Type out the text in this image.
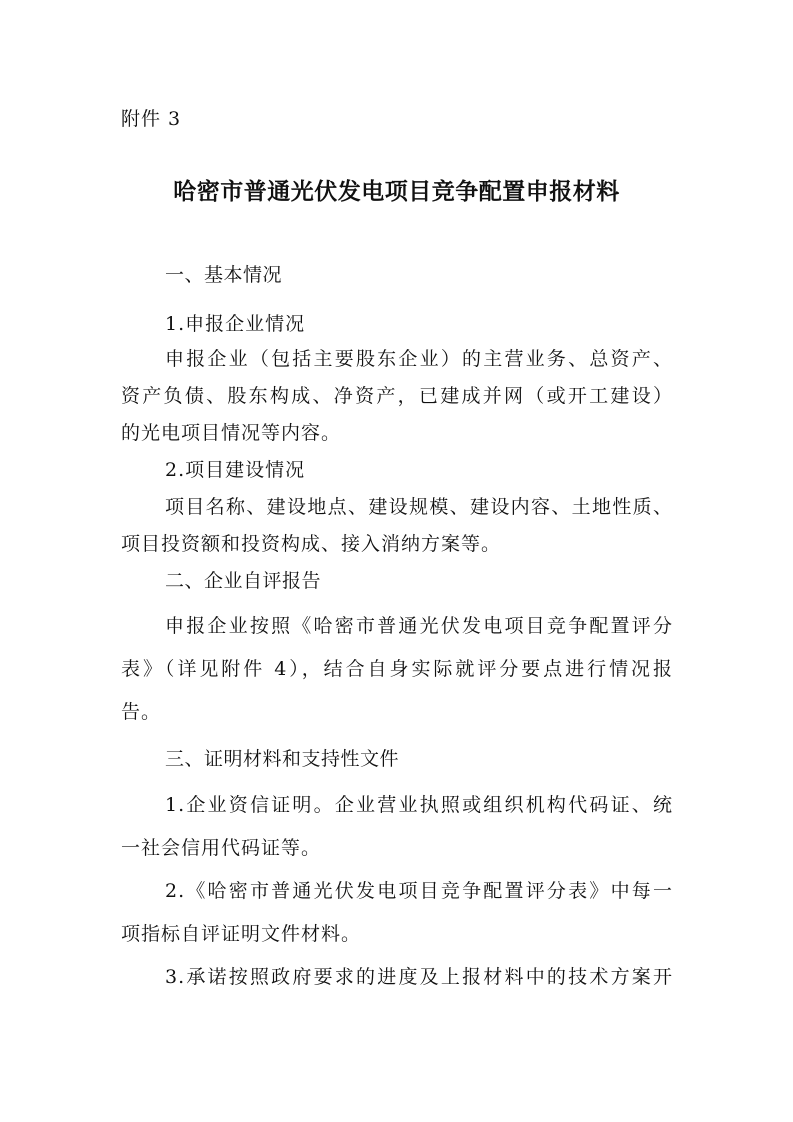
附件 3
哈密市普通光伏发电项目竞争配置申报材料
一、基本情况
1.申报企业情况
申报企业（包括主要股东企业）的主营业务、总资产、
资产负债、股东构成、净资产，已建成并网（或开工建设）
的光电项目情况等内容。
2.项目建设情况
项目名称、建设地点、建设规模、建设内容、土地性质、
项目投资额和投资构成、接入消纳方案等。
二、企业自评报告
申报企业按照《哈密市普通光伏发电项目竞争配置评分
表》（详见附件 4），结合自身实际就评分要点进行情况报
告。
三、证明材料和支持性文件
1.企业资信证明。企业营业执照或组织机构代码证、统
一社会信用代码证等。
2.《哈密市普通光伏发电项目竞争配置评分表》中每一
项指标自评证明文件材料。
3.承诺按照政府要求的进度及上报材料中的技术方案开
